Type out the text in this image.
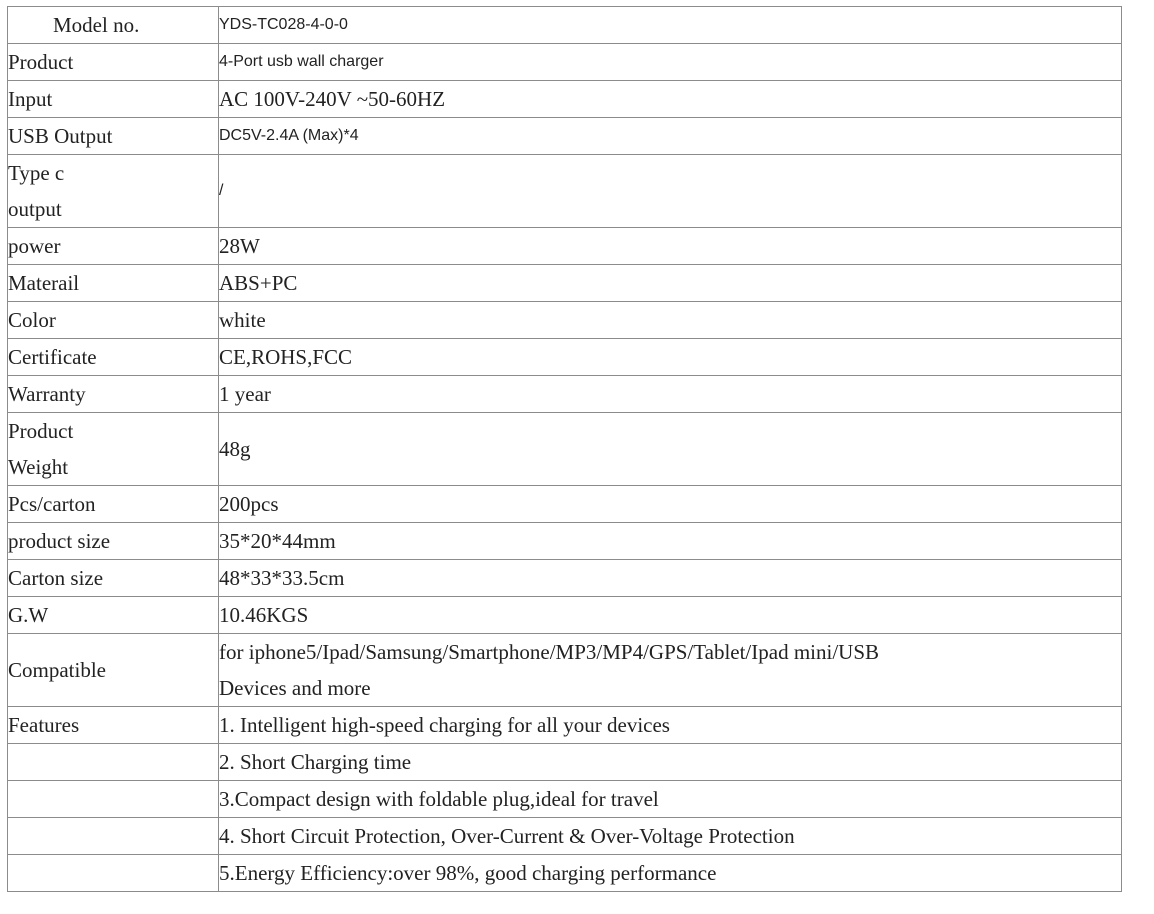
Model no.	YDS-TC028-4-0-0
Product	4-Port usb wall charger
Input	AC 100V-240V ~50-60HZ
USB Output	DC5V-2.4A (Max)*4

Type c
output	/
power	28W
Materail	ABS+PC
Color	white
Certificate	CE,ROHS,FCC
Warranty	1 year

Product
Weight	48g
Pcs/carton	200pcs
product size	35*20*44mm
Carton size	48*33*33.5cm
G.W	10.46KGS
Compatible	for iphone5/Ipad/Samsung/Smartphone/MP3/MP4/GPS/Tablet/Ipad mini/USB
Devices and more

Features	1. Intelligent high-speed charging for all your devices
	2. Short Charging time
	3.Compact design with foldable plug,ideal for travel
	4. Short Circuit Protection, Over-Current & Over-Voltage Protection
	5.Energy Efficiency:over 98%, good charging performance
